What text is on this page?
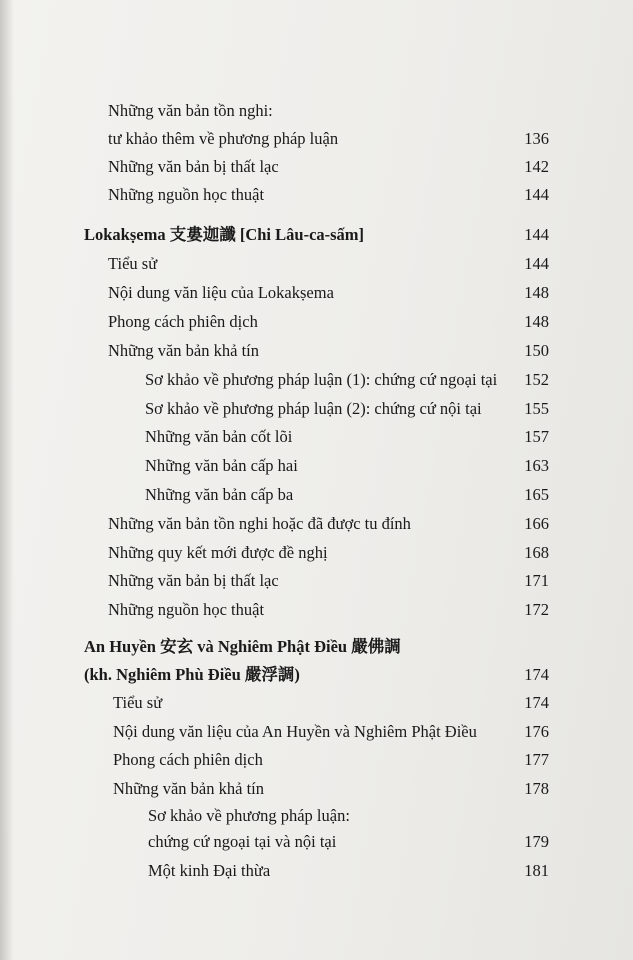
Những văn bản tồn nghi:
tư khảo thêm về phương pháp luận	136
Những văn bản bị thất lạc	142
Những nguồn học thuật	144
Lokakṣema 支婁迦讖 [Chi Lâu-ca-sấm]	144
Tiểu sử	144
Nội dung văn liệu của Lokakṣema	148
Phong cách phiên dịch	148
Những văn bản khả tín	150
Sơ khảo về phương pháp luận (1): chứng cứ ngoại tại 152
Sơ khảo về phương pháp luận (2): chứng cứ nội tại	155
Những văn bản cốt lõi	157
Những văn bản cấp hai	163
Những văn bản cấp ba	165
Những văn bản tồn nghi hoặc đã được tu đính	166
Những quy kết mới được đề nghị	168
Những văn bản bị thất lạc	171
Những nguồn học thuật	172
An Huyền 安玄 và Nghiêm Phật Điều 嚴佛調
(kh. Nghiêm Phù Điều 嚴浮調)	174
Tiểu sử	174
Nội dung văn liệu của An Huyền và Nghiêm Phật Điều	176
Phong cách phiên dịch	177
Những văn bản khả tín	178
Sơ khảo về phương pháp luận:
chứng cứ ngoại tại và nội tại	179
Một kinh Đại thừa	181
